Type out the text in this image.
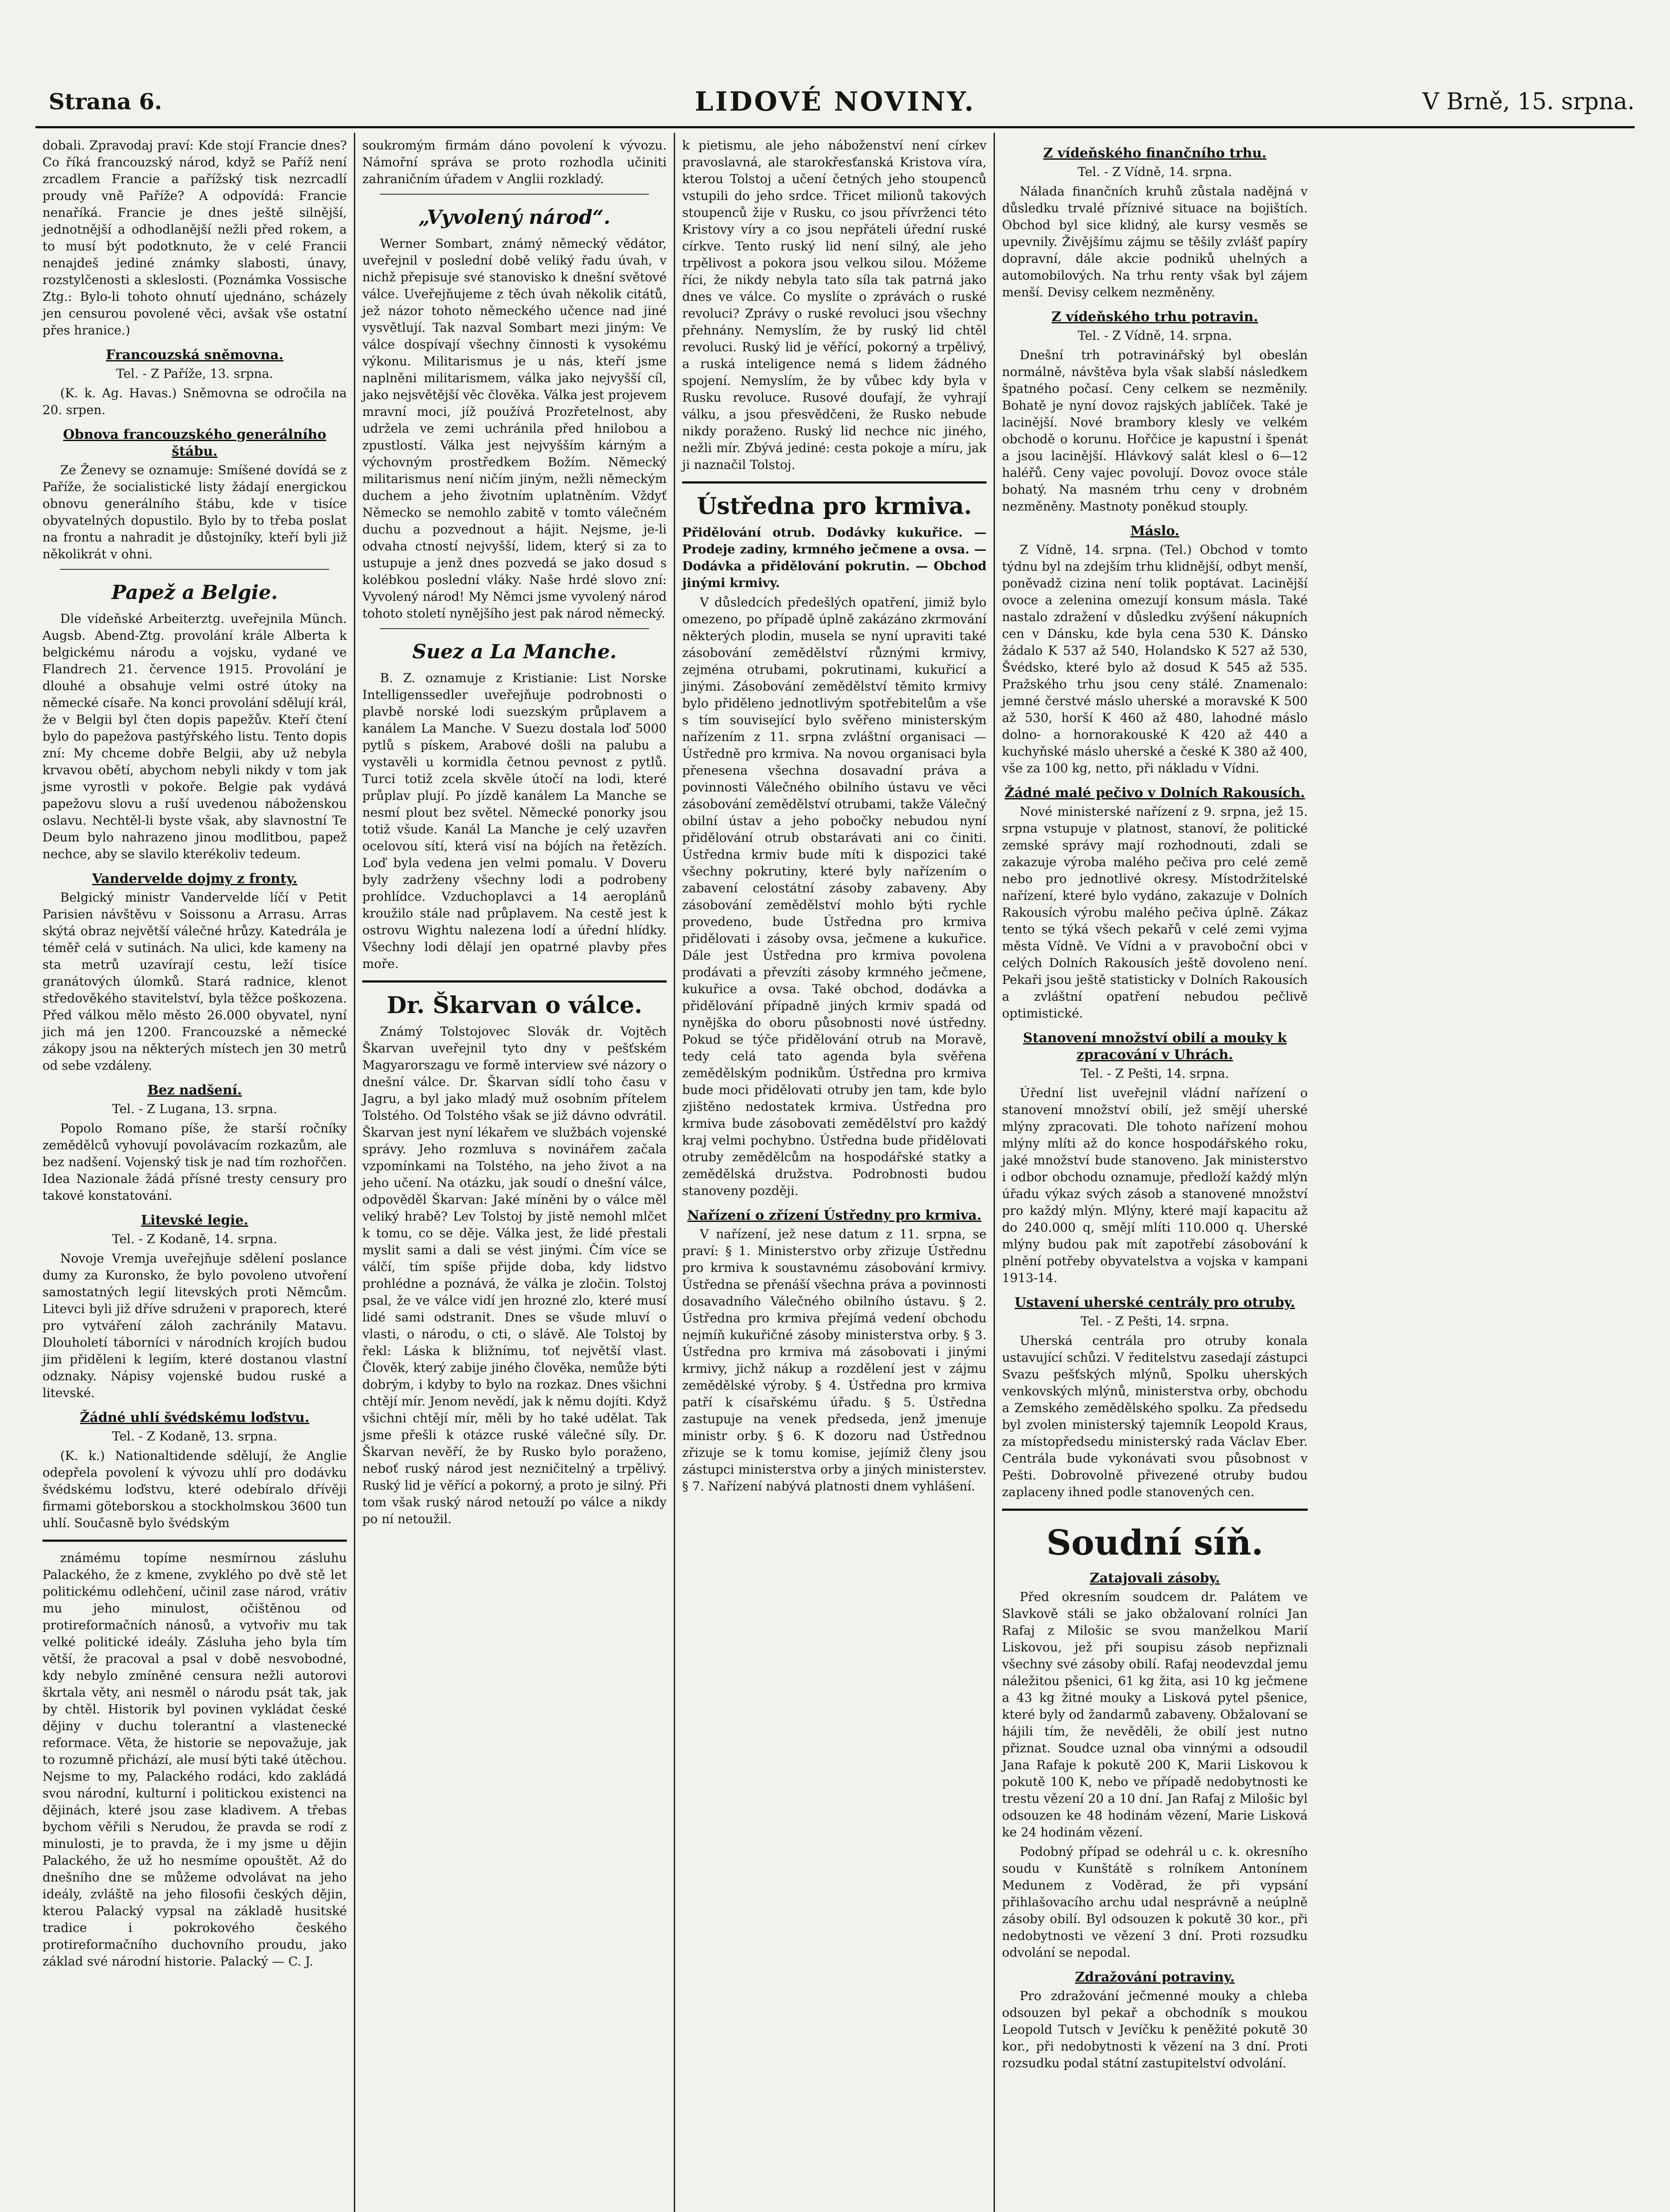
Strana 6.	LIDOVÉ NOVINY.	V Brně, 15. srpna.

dobali. Zpravodaj praví: Kde stojí Francie dnes? Co říká francouzský národ, když se Paříž není zrcadlem Francie a pařížský tisk nezrcadlí proudy vně Paříže? A odpovídá: Francie nenaříká. Francie je dnes ještě silnější, jednotnější a odhodlanější nežli před rokem, a to musí být podotknuto, že v celé Francii nenajdeš jediné známky slabosti, únavy, rozstylčenosti a skleslosti. (Poznámka Vossische Ztg.: Bylo-li tohoto ohnutí ujednáno, scházely jen censurou povolené věci, avšak vše ostatní přes hranice.)

Francouzská sněmovna.

Tel. - Z Paříže, 13. srpna.

(K. k. Ag. Havas.) Sněmovna se odročila na 20. srpen.

Obnova francouzského generálního štábu.

Ze Ženevy se oznamuje: Smíšené dovídá se z Paříže, že socialistické listy žádají energickou obnovu generálního štábu, kde v tisíce obyvatelných dopustilo. Bylo by to třeba poslat na frontu a nahradit je důstojníky, kteří byli již několikrát v ohni.

Papež a Belgie.

Dle vídeňské Arbeiterztg. uveřejnila Münch. Augsb. Abend-Ztg. provolání krále Alberta k belgickému národu a vojsku, vydané ve Flandrech 21. července 1915. Provolání je dlouhé a obsahuje velmi ostré útoky na německé císaře. Na konci provolání sdělují král, že v Belgii byl čten dopis papežův. Kteří čtení bylo do papežova pastýřského listu. Tento dopis zní: My chceme dobře Belgii, aby už nebyla krvavou obětí, abychom nebyli nikdy v tom jak jsme vyrostli v pokoře. Belgie pak vydává papežovu slovu a ruší uvedenou náboženskou oslavu. Nechtěl-li byste však, aby slavnostní Te Deum bylo nahrazeno jinou modlitbou, papež nechce, aby se slavilo kterékoliv tedeum.

Vandervelde dojmy z fronty.

Belgický ministr Vandervelde líčí v Petit Parisien návštěvu v Soissonu a Arrasu. Arras skýtá obraz největší válečné hrůzy. Katedrála je téměř celá v sutinách. Na ulici, kde kameny na sta metrů uzavírají cestu, leží tisíce granátových úlomků. Stará radnice, klenot středověkého stavitelství, byla těžce poškozena. Před válkou mělo město 26.000 obyvatel, nyní jich má jen 1200. Francouzské a německé zákopy jsou na některých místech jen 30 metrů od sebe vzdáleny.

Bez nadšení.

Tel. - Z Lugana, 13. srpna.

Popolo Romano píše, že starší ročníky zemědělců vyhovují povolávacím rozkazům, ale bez nadšení. Vojenský tisk je nad tím rozhořčen. Idea Nazionale žádá přísné tresty censury pro takové konstatování.

Litevské legie.

Tel. - Z Kodaně, 14. srpna.

Novoje Vremja uveřejňuje sdělení poslance dumy za Kuronsko, že bylo povoleno utvoření samostatných legií litevských proti Němcům. Litevci byli již dříve sdruženi v praporech, které pro vytváření záloh zachránily Matavu. Dlouholetí táborníci v národních krojích budou jim přiděleni k legiím, které dostanou vlastní odznaky. Nápisy vojenské budou ruské a litevské.

Žádné uhlí švédskému loďstvu.

Tel. - Z Kodaně, 13. srpna.

(K. k.) Nationaltidende sdělují, že Anglie odepřela povolení k vývozu uhlí pro dodávku švédskému loďstvu, které odebíralo dřívěji firmami göteborskou a stockholmskou 3600 tun uhlí. Současně bylo švédským

známému topíme nesmírnou zásluhu Palackého, že z kmene, zvyklého po dvě stě let politickému odlehčení, učinil zase národ, vrátiv mu jeho minulost, očištěnou od protireformačních nánosů, a vytvořiv mu tak velké politické ideály. Zásluha jeho byla tím větší, že pracoval a psal v době nesvobodné, kdy nebylo zmíněné censura nežli autorovi škrtala věty, ani nesměl o národu psát tak, jak by chtěl. Historik byl povinen vykládat české dějiny v duchu tolerantní a vlastenecké reformace. Věta, že historie se nepovažuje, jak to rozumně přichází, ale musí býti také útěchou. Nejsme to my, Palackého rodáci, kdo zakládá svou národní, kulturní i politickou existenci na dějinách, které jsou zase kladivem. A třebas bychom věřili s Nerudou, že pravda se rodí z minulosti, je to pravda, že i my jsme u dějin Palackého, že už ho nesmíme opouštět. Až do dnešního dne se můžeme odvolávat na jeho ideály, zvláště na jeho filosofii českých dějin, kterou Palacký vypsal na základě husitské tradice i pokrokového českého protireformačního duchovního proudu, jako základ své národní historie. Palacký — C. J.

soukromým firmám dáno povolení k vývozu. Námořní správa se proto rozhodla učiniti zahraničním úřadem v Anglii rozkladý.

„Vyvolený národ“.

Werner Sombart, známý německý vědátor, uveřejnil v poslední době veliký řadu úvah, v nichž přepisuje své stanovisko k dnešní světové válce. Uveřejňujeme z těch úvah několik citátů, jež názor tohoto německého učence nad jiné vysvětlují. Tak nazval Sombart mezi jiným: Ve válce dospívají všechny činnosti k vysokému výkonu. Militarismus je u nás, kteří jsme naplněni militarismem, válka jako nejvyšší cíl, jako nejsvětější věc člověka. Válka jest projevem mravní moci, jíž používá Prozřetelnost, aby udržela ve zemi uchránila před hnilobou a zpustlostí. Válka jest nejvyšším kárným a výchovným prostředkem Božím. Německý militarismus není ničím jiným, nežli německým duchem a jeho životním uplatněním. Vždyť Německo se nemohlo zabitě v tomto válečném duchu a pozvednout a hájit. Nejsme, je-li odvaha ctností nejvyšší, lidem, který si za to ustupuje a jenž dnes pozvedá se jako dosud s kolébkou poslední vláky. Naše hrdé slovo zní: Vyvolený národ! My Němci jsme vyvolený národ tohoto století nynějšího jest pak národ německý.

Suez a La Manche.

B. Z. oznamuje z Kristianie: List Norske Intelligenssedler uveřejňuje podrobnosti o plavbě norské lodi suezským průplavem a kanálem La Manche. V Suezu dostala loď 5000 pytlů s pískem, Arabové došli na palubu a vystavěli u kormidla četnou pevnost z pytlů. Turci totiž zcela skvěle útočí na lodi, které průplav plují. Po jízdě kanálem La Manche se nesmí plout bez světel. Německé ponorky jsou totiž všude. Kanál La Manche je celý uzavřen ocelovou sítí, která visí na bójích na řetězích. Loď byla vedena jen velmi pomalu. V Doveru byly zadrženy všechny lodi a podrobeny prohlídce. Vzduchoplavci a 14 aeroplánů kroužilo stále nad průplavem. Na cestě jest k ostrovu Wightu nalezena lodí a úřední hlídky. Všechny lodi dělají jen opatrné plavby přes moře.

Dr. Škarvan o válce.

Známý Tolstojovec Slovák dr. Vojtěch Škarvan uveřejnil tyto dny v pešťském Magyarorszagu ve formě interview své názory o dnešní válce. Dr. Škarvan sídlí toho času v Jagru, a byl jako mladý muž osobním přítelem Tolstého. Od Tolstého však se již dávno odvrátil. Škarvan jest nyní lékařem ve službách vojenské správy. Jeho rozmluva s novinářem začala vzpomínkami na Tolstého, na jeho život a na jeho učení. Na otázku, jak soudí o dnešní válce, odpověděl Škarvan: Jaké míněni by o válce měl veliký hrabě? Lev Tolstoj by jistě nemohl mlčet k tomu, co se děje. Válka jest, že lidé přestali myslit sami a dali se vést jinými. Čím více se válčí, tím spíše přijde doba, kdy lidstvo prohlédne a poznává, že válka je zločin. Tolstoj psal, že ve válce vidí jen hrozné zlo, které musí lidé sami odstranit. Dnes se všude mluví o vlasti, o národu, o cti, o slávě. Ale Tolstoj by řekl: Láska k bližnímu, toť největší vlast. Člověk, který zabije jiného člověka, nemůže býti dobrým, i kdyby to bylo na rozkaz. Dnes všichni chtějí mír. Jenom nevědí, jak k němu dojíti. Když všichni chtějí mír, měli by ho také udělat. Tak jsme přešli k otázce ruské válečné síly. Dr. Škarvan nevěří, že by Rusko bylo poraženo, neboť ruský národ jest nezničitelný a trpělivý. Ruský lid je věřící a pokorný, a proto je silný. Při tom však ruský národ netouží po válce a nikdy po ní netoužil.

k pietismu, ale jeho náboženství není církev pravoslavná, ale starokřesťanská Kristova víra, kterou Tolstoj a učení četných jeho stoupenců vstupili do jeho srdce. Třicet milionů takových stoupenců žije v Rusku, co jsou přívrženci této Kristovy víry a co jsou nepřáteli úřední ruské církve. Tento ruský lid není silný, ale jeho trpělivost a pokora jsou velkou silou. Móžeme říci, že nikdy nebyla tato síla tak patrná jako dnes ve válce. Co myslíte o zprávách o ruské revoluci? Zprávy o ruské revoluci jsou všechny přehnány. Nemyslím, že by ruský lid chtěl revoluci. Ruský lid je věřící, pokorný a trpělivý, a ruská inteligence nemá s lidem žádného spojení. Nemyslím, že by vůbec kdy byla v Rusku revoluce. Rusové doufají, že vyhrají válku, a jsou přesvědčeni, že Rusko nebude nikdy poraženo. Ruský lid nechce nic jiného, nežli mír. Zbývá jediné: cesta pokoje a míru, jak ji naznačil Tolstoj.

Ústředna pro krmiva.

Přidělování otrub. Dodávky kukuřice. — Prodeje zadiny, krmného ječmene a ovsa. — Dodávka a přidělování pokrutin. — Obchod jinými krmivy.

V důsledcích předešlých opatření, jimiž bylo omezeno, po případě úplně zakázáno zkrmování některých plodin, musela se nyní upraviti také zásobování zemědělství různými krmivy, zejména otrubami, pokrutinami, kukuřicí a jinými. Zásobování zemědělství těmito krmivy bylo přiděleno jednotlivým spotřebitelům a vše s tím související bylo svěřeno ministerským nařízením z 11. srpna zvláštní organisaci — Ústředně pro krmiva. Na novou organisaci byla přenesena všechna dosavadní práva a povinnosti Válečného obilního ústavu ve věci zásobování zemědělství otrubami, takže Válečný obilní ústav a jeho pobočky nebudou nyní přidělování otrub obstarávati ani co činiti. Ústředna krmiv bude míti k dispozici také všechny pokrutiny, které byly nařízením o zabavení celostátní zásoby zabaveny. Aby zásobování zemědělství mohlo býti rychle provedeno, bude Ústředna pro krmiva přidělovati i zásoby ovsa, ječmene a kukuřice. Dále jest Ústředna pro krmiva povolena prodávati a převzíti zásoby krmného ječmene, kukuřice a ovsa. Také obchod, dodávka a přidělování případně jiných krmiv spadá od nynějška do oboru působnosti nové ústředny. Pokud se týče přidělování otrub na Moravě, tedy celá tato agenda byla svěřena zemědělským podnikům. Ústředna pro krmiva bude moci přidělovati otruby jen tam, kde bylo zjištěno nedostatek krmiva. Ústředna pro krmiva bude zásobovati zemědělství pro každý kraj velmi pochybno. Ústředna bude přidělovati otruby zemědělcům na hospodářské statky a zemědělská družstva. Podrobnosti budou stanoveny později.

Nařízení o zřízení Ústředny pro krmiva.

V nařízení, jež nese datum z 11. srpna, se praví: § 1. Ministerstvo orby zřizuje Ústřednu pro krmiva k soustavnému zásobování krmivy. Ústředna se přenáší všechna práva a povinnosti dosavadního Válečného obilního ústavu. § 2. Ústředna pro krmiva přejímá vedení obchodu nejmíň kukuřičné zásoby ministerstva orby. § 3. Ústředna pro krmiva má zásobovati i jinými krmivy, jichž nákup a rozdělení jest v zájmu zemědělské výroby. § 4. Ústředna pro krmiva patří k císařskému úřadu. § 5. Ústředna zastupuje na venek předseda, jenž jmenuje ministr orby. § 6. K dozoru nad Ústřednou zřizuje se k tomu komise, jejímiž členy jsou zástupci ministerstva orby a jiných ministerstev. § 7. Nařízení nabývá platnosti dnem vyhlášení.

Z vídeňského finančního trhu.

Tel. - Z Vídně, 14. srpna.

Nálada finančních kruhů zůstala nadějná v důsledku trvalé příznivé situace na bojištích. Obchod byl sice klidný, ale kursy vesměs se upevnily. Živějšímu zájmu se těšily zvlášť papíry dopravní, dále akcie podniků uhelných a automobilových. Na trhu renty však byl zájem menší. Devisy celkem nezměněny.

Z vídeňského trhu potravin.

Tel. - Z Vídně, 14. srpna.

Dnešní trh potravinářský byl obeslán normálně, návštěva byla však slabší následkem špatného počasí. Ceny celkem se nezměnily. Bohatě je nyní dovoz rajských jablíček. Také je lacinější. Nové brambory klesly ve velkém obchodě o korunu. Hořčice je kapustní i špenát a jsou lacinější. Hlávkový salát klesl o 6—12 haléřů. Ceny vajec povolují. Dovoz ovoce stále bohatý. Na masném trhu ceny v drobném nezměněny. Mastnoty poněkud stouply.

Máslo.

Z Vídně, 14. srpna. (Tel.) Obchod v tomto týdnu byl na zdejším trhu klidnější, odbyt menší, poněvadž cizina není tolik poptávat. Lacinější ovoce a zelenina omezují konsum másla. Také nastalo zdražení v důsledku zvýšení nákupních cen v Dánsku, kde byla cena 530 K. Dánsko žádalo K 537 až 540, Holandsko K 527 až 530, Švédsko, které bylo až dosud K 545 až 535. Pražského trhu jsou ceny stálé. Znamenalo: jemné čerstvé máslo uherské a moravské K 500 až 530, horší K 460 až 480, lahodné máslo dolno- a hornorakouské K 420 až 440 a kuchyňské máslo uherské a české K 380 až 400, vše za 100 kg, netto, při nákladu v Vídni.

Žádné malé pečivo v Dolních Rakousích.

Nové ministerské nařízení z 9. srpna, jež 15. srpna vstupuje v platnost, stanoví, že politické zemské správy mají rozhodnouti, zdali se zakazuje výroba malého pečiva pro celé země nebo pro jednotlivé okresy. Místodržitelské nařízení, které bylo vydáno, zakazuje v Dolních Rakousích výrobu malého pečiva úplně. Zákaz tento se týká všech pekařů v celé zemi vyjma města Vídně. Ve Vídni a v pravoboční obci v celých Dolních Rakousích ještě dovoleno není. Pekaři jsou ještě statisticky v Dolních Rakousích a zvláštní opatření nebudou pečlivě optimistické.

Stanovení množství obilí a mouky k zpracování v Uhrách.

Tel. - Z Pešti, 14. srpna.

Úřední list uveřejnil vládní nařízení o stanovení množství obilí, jež smějí uherské mlýny zpracovati. Dle tohoto nařízení mohou mlýny mlíti až do konce hospodářského roku, jaké množství bude stanoveno. Jak ministerstvo i odbor obchodu oznamuje, předloží každý mlýn úřadu výkaz svých zásob a stanovené množství pro každý mlýn. Mlýny, které mají kapacitu až do 240.000 q, smějí mlíti 110.000 q. Uherské mlýny budou pak mít zapotřebí zásobování k plnění potřeby obyvatelstva a vojska v kampani 1913-14.

Ustavení uherské centrály pro otruby.

Tel. - Z Pešti, 14. srpna.

Uherská centrála pro otruby konala ustavující schůzi. V ředitelstvu zasedají zástupci Svazu pešťských mlýnů, Spolku uherských venkovských mlýnů, ministerstva orby, obchodu a Zemského zemědělského spolku. Za předsedu byl zvolen ministerský tajemník Leopold Kraus, za místopředsedu ministerský rada Václav Eber. Centrála bude vykonávati svou působnost v Pešti. Dobrovolně přivezené otruby budou zaplaceny ihned podle stanovených cen.

Soudní síň.
Zatajovali zásoby.

Před okresním soudcem dr. Palátem ve Slavkově stáli se jako obžalovaní rolníci Jan Rafaj z Milošic se svou manželkou Marií Liskovou, jež při soupisu zásob nepřiznali všechny své zásoby obilí. Rafaj neodevzdal jemu náležitou pšenici, 61 kg žita, asi 10 kg ječmene a 43 kg žitné mouky a Lisková pytel pšenice, které byly od žandarmů zabaveny. Obžalovaní se hájili tím, že nevěděli, že obilí jest nutno přiznat. Soudce uznal oba vinnými a odsoudil Jana Rafaje k pokutě 200 K, Marii Liskovou k pokutě 100 K, nebo ve případě nedobytnosti ke trestu vězení 20 a 10 dní. Jan Rafaj z Milošic byl odsouzen ke 48 hodinám vězení, Marie Lisková ke 24 hodinám vězení.

Podobný případ se odehrál u c. k. okresního soudu v Kunštátě s rolníkem Antonínem Medunem z Voděrad, že při vypsání přihlašovacího archu udal nesprávně a neúplně zásoby obilí. Byl odsouzen k pokutě 30 kor., při nedobytnosti ve vězení 3 dní. Proti rozsudku odvolání se nepodal.

Zdražování potraviny.

Pro zdražování ječmenné mouky a chleba odsouzen byl pekař a obchodník s moukou Leopold Tutsch v Jevíčku k peněžité pokutě 30 kor., při nedobytnosti k vězení na 3 dní. Proti rozsudku podal státní zastupitelství odvolání.
